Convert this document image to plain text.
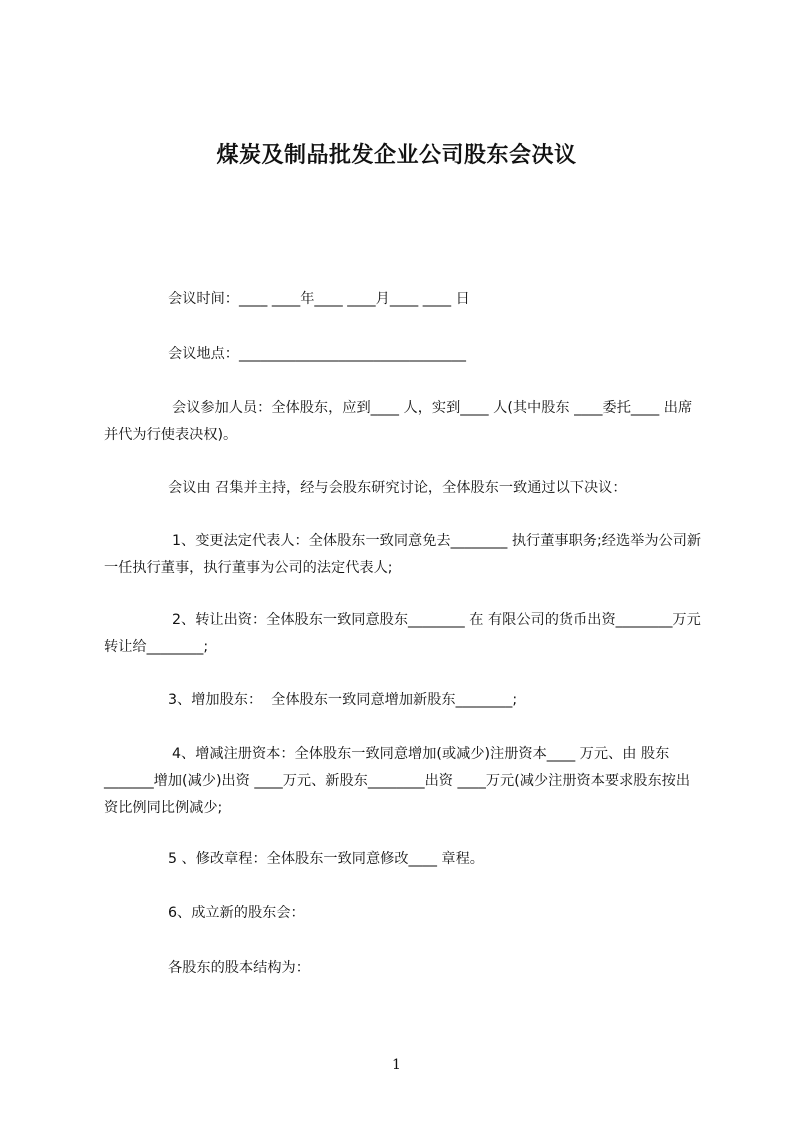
煤炭及制品批发企业公司股东会决议

会议时间：____ ____年____ ____月____ ____ 日

会议地点：________________________________

会议参加人员：全体股东，应到____ 人，实到____ 人(其中股东 ____委托____ 出席并代为行使表决权)。

会议由 召集并主持，经与会股东研究讨论，全体股东一致通过以下决议：

1、变更法定代表人：全体股东一致同意免去________ 执行董事职务;经选举为公司新一任执行董事，执行董事为公司的法定代表人;

2、转让出资：全体股东一致同意股东________ 在 有限公司的货币出资________万元转让给________;

3、增加股东：  全体股东一致同意增加新股东________;

4、增减注册资本：全体股东一致同意增加(或减少)注册资本____ 万元、由 股东_______增加(减少)出资 ____万元、新股东________出资 ____万元(减少注册资本要求股东按出资比例同比例减少;

5 、修改章程：全体股东一致同意修改____ 章程。

6、成立新的股东会：

各股东的股本结构为：

1
